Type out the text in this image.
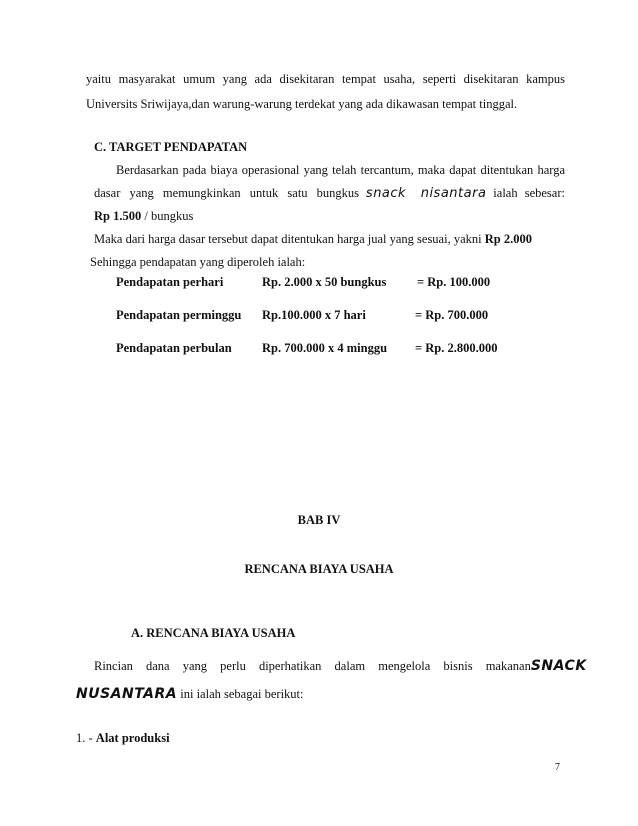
yaitu masyarakat umum yang ada disekitaran tempat usaha, seperti disekitaran kampus
Universits Sriwijaya,dan warung-warung terdekat yang ada dikawasan tempat tinggal.
C. TARGET PENDAPATAN
Berdasarkan pada biaya operasional yang telah tercantum, maka dapat ditentukan harga
dasar yang memungkinkan untuk satu bungkus snack nisantara ialah sebesar:
Rp 1.500 / bungkus
Maka dari harga dasar tersebut dapat ditentukan harga jual yang sesuai, yakni Rp 2.000
Sehingga pendapatan yang diperoleh ialah:
Pendapatan perhari	Rp. 2.000 x 50 bungkus = Rp. 100.000
Pendapatan perminggu Rp.100.000 x 7 hari	= Rp. 700.000
Pendapatan perbulan Rp. 700.000 x 4 minggu = Rp. 2.800.000
BAB IV
RENCANA BIAYA USAHA
A. RENCANA BIAYA USAHA
Rincian dana yang perlu diperhatikan dalam mengelola bisnis makanan SNACK
NUSANTARA ini ialah sebagai berikut:
1. - Alat produksi
7
